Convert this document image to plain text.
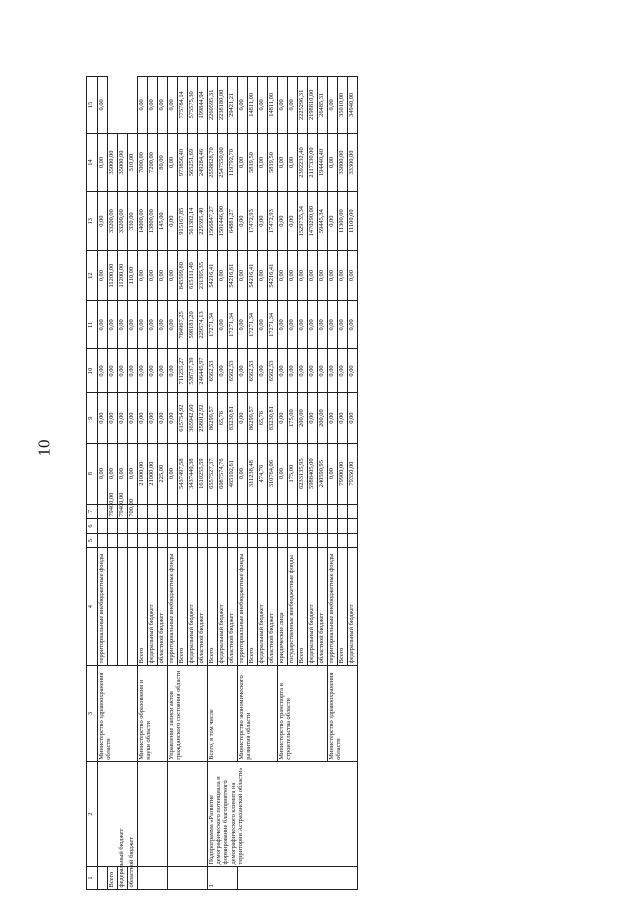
10
1	2	3	4	5	6	7	8	9	10	11	12	13	14	15
		Министерство здравоохранения области	территориальные внебюджетные фонды				0,00	0,00	0,00	0,00	0,00	0,00	0,00	0,00
Всего						79400,00	0,00	0,00	0,00	0,00	11200,00	33200,00	35000,00	
федеральный бюджет						79400,00	0,00	0,00	0,00	0,00	11200,00	33200,00	35000,00	
областной бюджет						700,00	0,00	0,00	0,00	0,00	110,00	330,00	310,00	
		Министерство образования и науки области	Всего				21000,00	0,00	0,00	0,00	0,00	14000,00	7000,00	0,00
			федеральный бюджет				21000,00	0,00	0,00	0,00	0,00	13800,00	7200,00	0,00
			областной бюджет				225,00	0,00	0,00	0,00	0,00	145,00	80,00	0,00
		Управление записи актов гражданского состояния области	территориальные внебюджетные фонды				0,00	0,00	0,00	0,00	0,00	0,00	0,00	0,00
			Всего				5437497,58	615754,92	711255,27	784967,25	845599,80	915167,85	973856,40	775784,14
			федеральный бюджет				3437440,38	365942,60	538737,39	598181,20	615111,40	561382,14	565251,69	575575,30
			областной бюджет				1610255,59	258012,92	246445,97	229574,13	231395,35	229395,40	249284,46	199844,94
1	Подпрограмма «Развитие демографического потенциала и формирование благоприятного демографического климата на территории Астраханской области»	Всего, в том числе	Всего				6557527,37	86299,57	6562,53	17271,34	54216,41	1566847,27	2558828,70	2260595,31
			федеральный бюджет				6087574,76	65,76	0,00	0,00	0,00	1501446,00	2547550,00	2238180,00
			областной бюджет				465102,61	83230,81	6562,53	17271,34	54216,61	64881,27	119792,70	29421,21
		Министерство экономического развития области	территориальные внебюджетные фонды				0,00	0,00	0,00	0,00	0,00	0,00	0,00	0,00
			Всего				311238,48	86299,57	6562,53	17271,34	54216,41	17472,93	5819,50	14811,00
			федеральный бюджет				474,76	65,76	0,00	0,00	0,00	0,00	0,00	0,00
			областной бюджет				310764,06	83230,81	6562,53	17271,34	54216,41	17472,93	5819,50	14811,00
		Министерство транспорта и строительства области	юридические лица				0,00	0,00	0,00	0,00	0,00	0,00	0,00	0,00
			государственные внебюджетные фонды				175,00	175,00	0,00	0,00	0,00	0,00	0,00	0,00
			Всего				6233135,95	200,00	0,00	0,00	0,00	1529735,34	2392232,40	2225296,31
			федеральный бюджет				5988405,00	0,00	0,00	0,00	0,00	1470290,00	2117330,00	2198810,00
			областной бюджет				240590,95	200,00	0,00	0,00	0,00	59445,34	194440,40	26485,31
		Министерство здравоохранения области	территориальные внебюджетные фонды				0,00	0,00	0,00	0,00	0,00	0,00	0,00	0,00
			Всего				79900,00	0,00	0,00	0,00	0,00	11300,00	33800,00	35010,00
			федеральный бюджет				79350,00	0,00	0,00	0,00	0,00	11100,00	33300,00	34940,00
